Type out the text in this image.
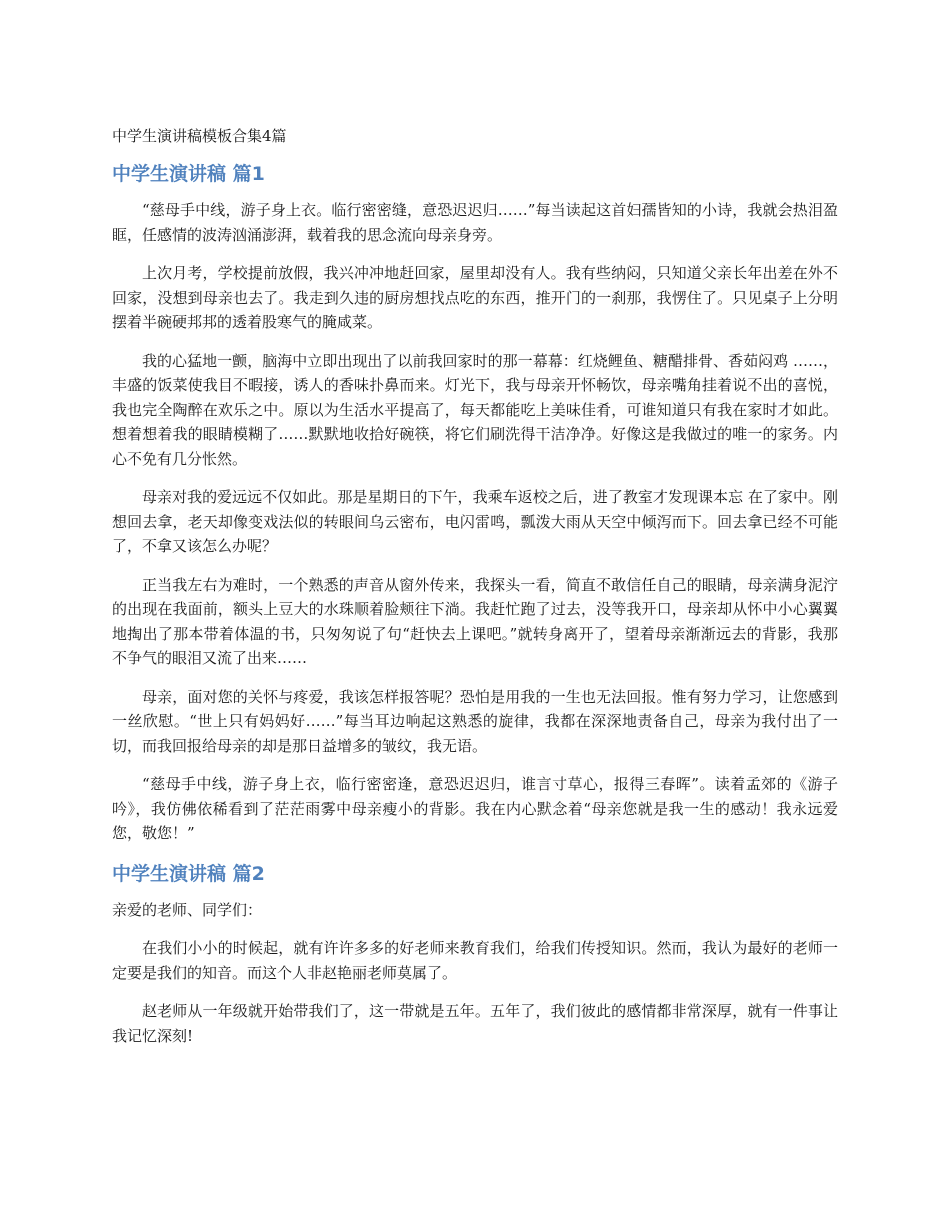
中学生演讲稿模板合集4篇
中学生演讲稿 篇1

“慈母手中线，游子身上衣。临行密密缝，意恐迟迟归……”每当读起这首妇孺皆知的小诗，我就会热泪盈眶，任感情的波涛汹涌澎湃，载着我的思念流向母亲身旁。

上次月考，学校提前放假，我兴冲冲地赶回家，屋里却没有人。我有些纳闷，只知道父亲长年出差在外不回家，没想到母亲也去了。我走到久违的厨房想找点吃的东西，推开门的一刹那，我愣住了。只见桌子上分明摆着半碗硬邦邦的透着股寒气的腌咸菜。

我的心猛地一颤，脑海中立即出现出了以前我回家时的那一幕幕：红烧鲤鱼、糖醋排骨、香茹闷鸡 ……，丰盛的饭菜使我目不暇接，诱人的香味扑鼻而来。灯光下，我与母亲开怀畅饮，母亲嘴角挂着说不出的喜悦，我也完全陶醉在欢乐之中。原以为生活水平提高了，每天都能吃上美味佳肴，可谁知道只有我在家时才如此。想着想着我的眼睛模糊了……默默地收拾好碗筷，将它们刷洗得干洁净净。好像这是我做过的唯一的家务。内心不免有几分怅然。

母亲对我的爱远远不仅如此。那是星期日的下午，我乘车返校之后，进了教室才发现课本忘 在了家中。刚想回去拿，老天却像变戏法似的转眼间乌云密布，电闪雷鸣，瓢泼大雨从天空中倾泻而下。回去拿已经不可能了，不拿又该怎么办呢？

正当我左右为难时，一个熟悉的声音从窗外传来，我探头一看，简直不敢信任自己的眼睛，母亲满身泥泞的出现在我面前，额头上豆大的水珠顺着脸颊往下淌。我赶忙跑了过去，没等我开口，母亲却从怀中小心翼翼地掏出了那本带着体温的书，只匆匆说了句“赶快去上课吧。”就转身离开了，望着母亲渐渐远去的背影，我那不争气的眼泪又流了出来……

母亲，面对您的关怀与疼爱，我该怎样报答呢？恐怕是用我的一生也无法回报。惟有努力学习，让您感到一丝欣慰。“世上只有妈妈好……”每当耳边响起这熟悉的旋律，我都在深深地责备自己，母亲为我付出了一切，而我回报给母亲的却是那日益增多的皱纹，我无语。

“慈母手中线，游子身上衣，临行密密逢，意恐迟迟归，谁言寸草心，报得三春晖”。读着孟郊的《游子吟》，我仿佛依稀看到了茫茫雨雾中母亲瘦小的背影。我在内心默念着“母亲您就是我一生的感动！我永远爱您，敬您！”

中学生演讲稿 篇2

亲爱的老师、同学们：

在我们小小的时候起，就有许许多多的好老师来教育我们，给我们传授知识。然而，我认为最好的老师一定要是我们的知音。而这个人非赵艳丽老师莫属了。

赵老师从一年级就开始带我们了，这一带就是五年。五年了，我们彼此的感情都非常深厚，就有一件事让我记忆深刻!
